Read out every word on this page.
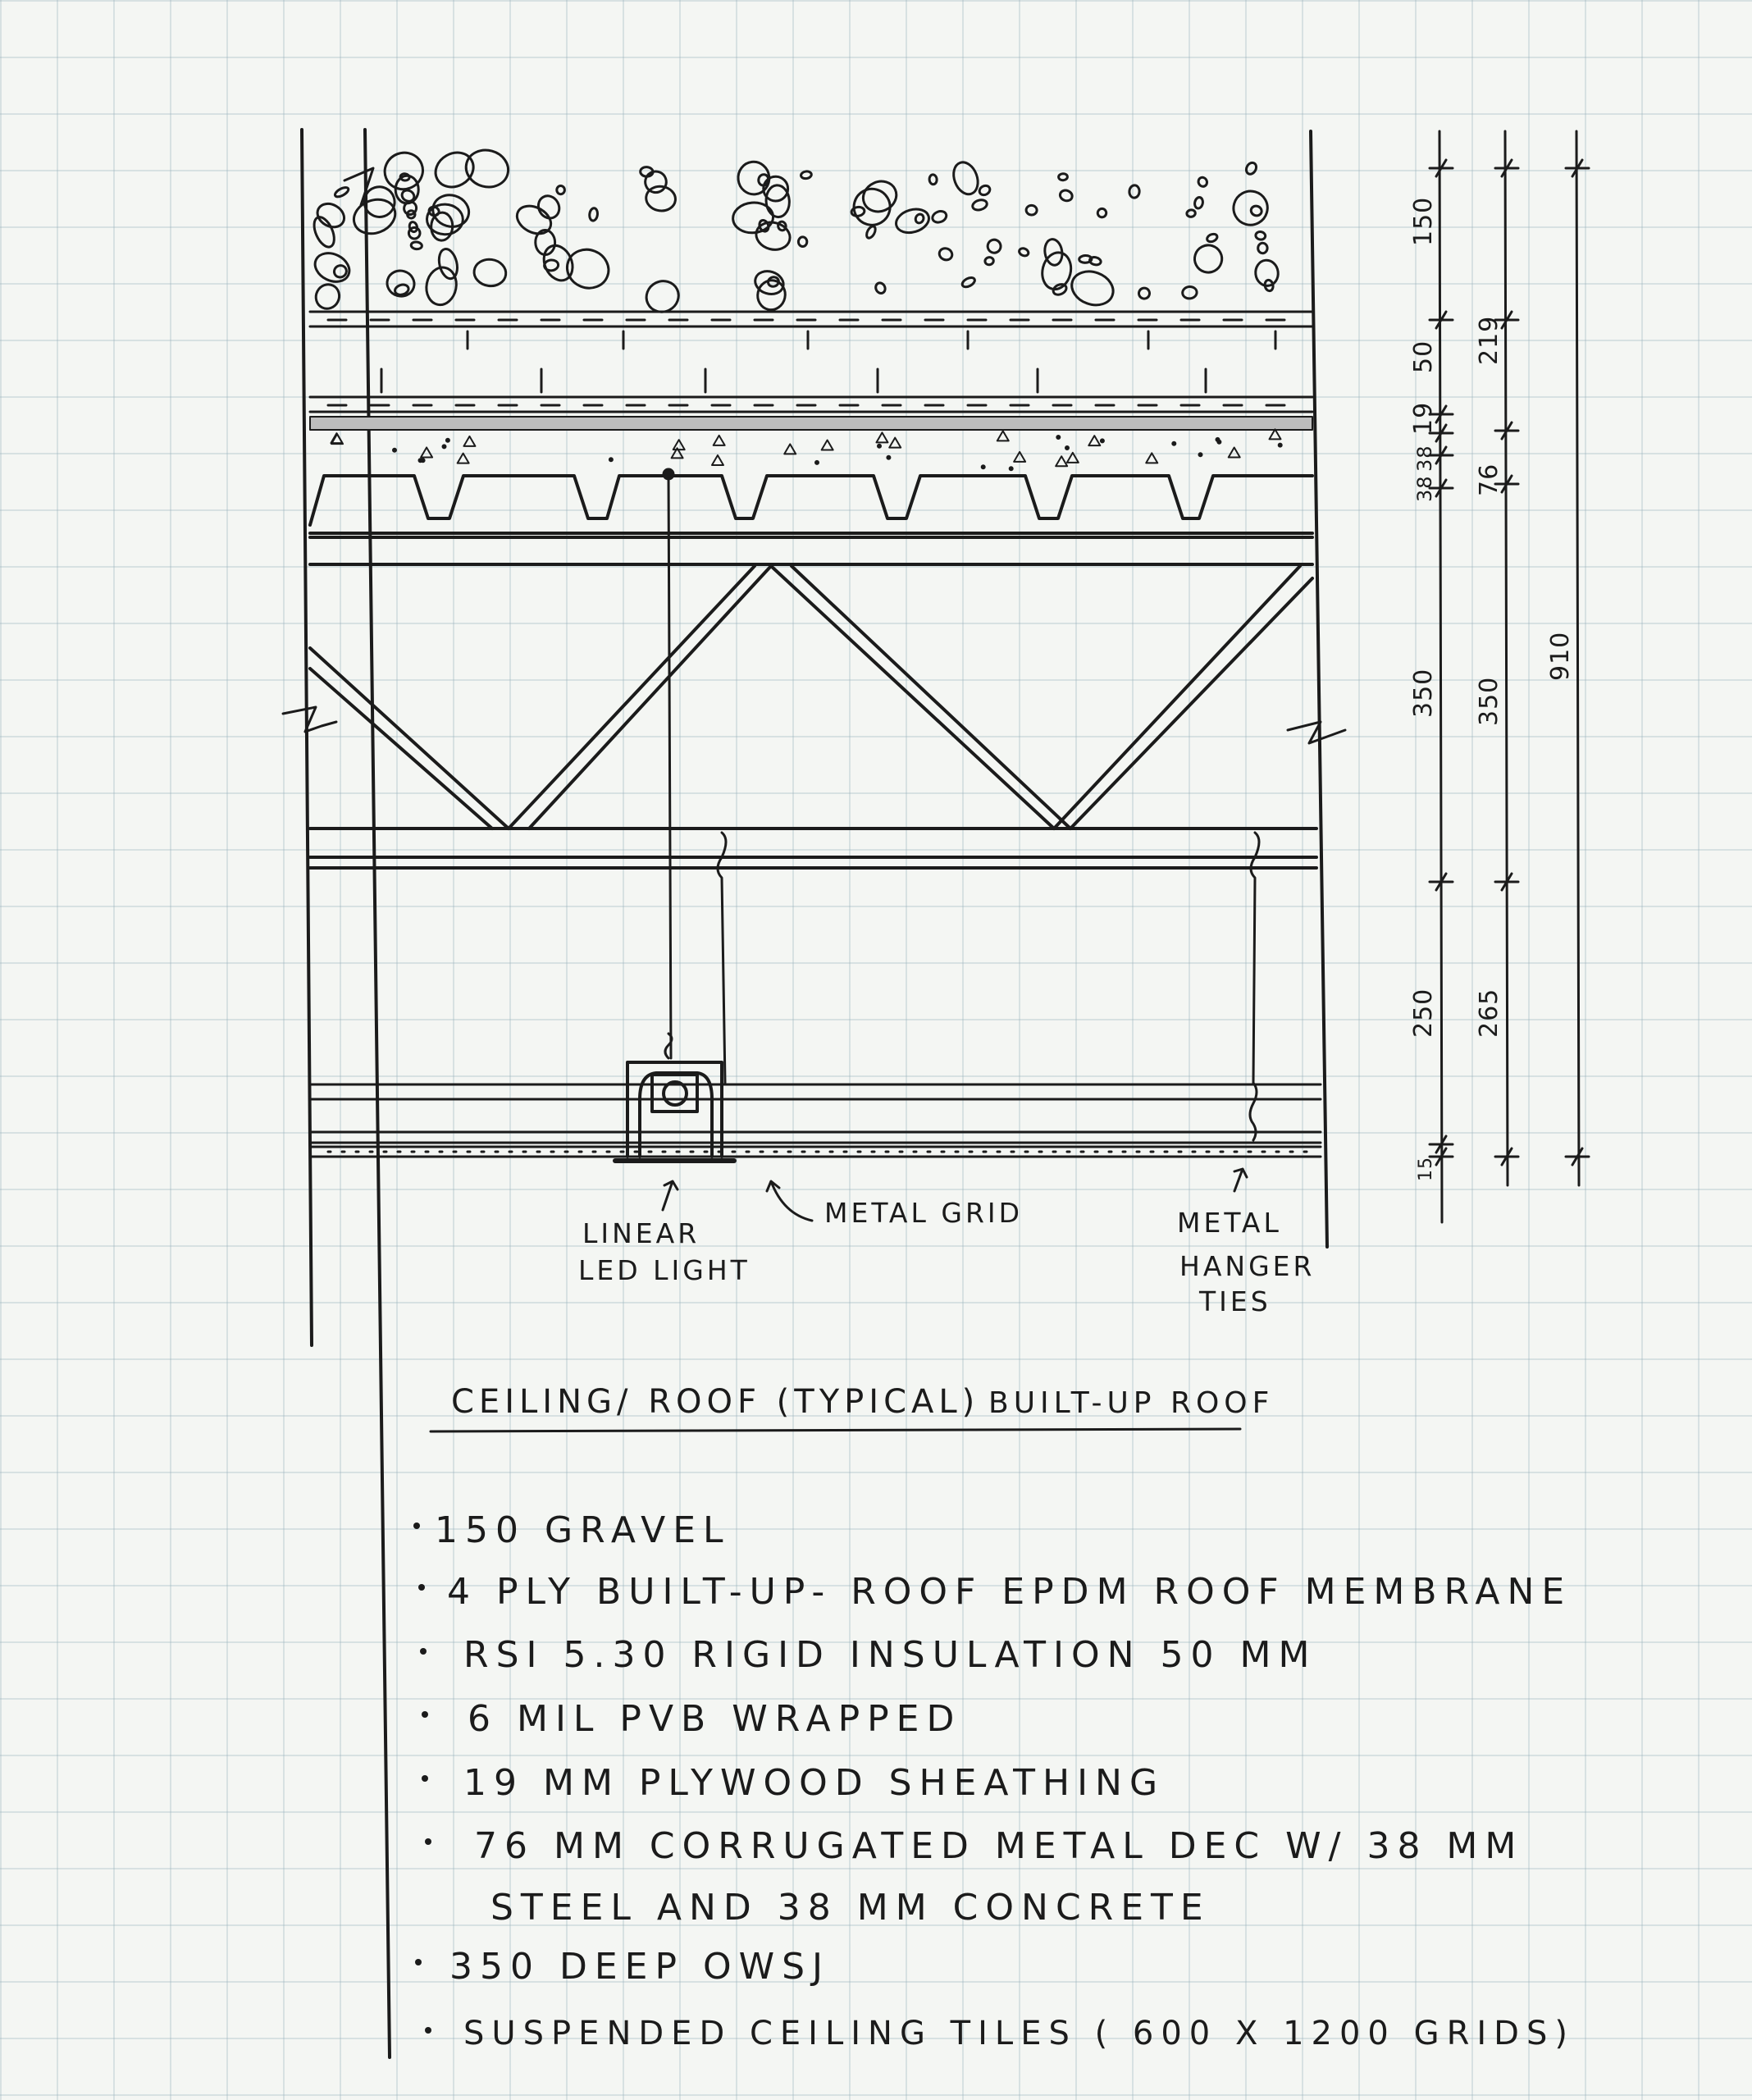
150
50
19
38
38
350
250
15
219
76
350
265
910
LINEAR
LED LIGHT
METAL GRID	METAL
HANGER
TIES
CEILING/ ROOF (TYPICAL) BUILT-UP ROOF
150 GRAVEL
4 PLY BUILT-UP- ROOF EPDM ROOF MEMBRANE
RSI 5.30 RIGID INSULATION 50 MM
6 MIL PVB WRAPPED
19 MM PLYWOOD SHEATHING
76 MM CORRUGATED METAL DEC W/ 38 MM
STEEL AND 38 MM CONCRETE
350 DEEP OWSJ
SUSPENDED CEILING TILES ( 600 X 1200 GRIDS)
